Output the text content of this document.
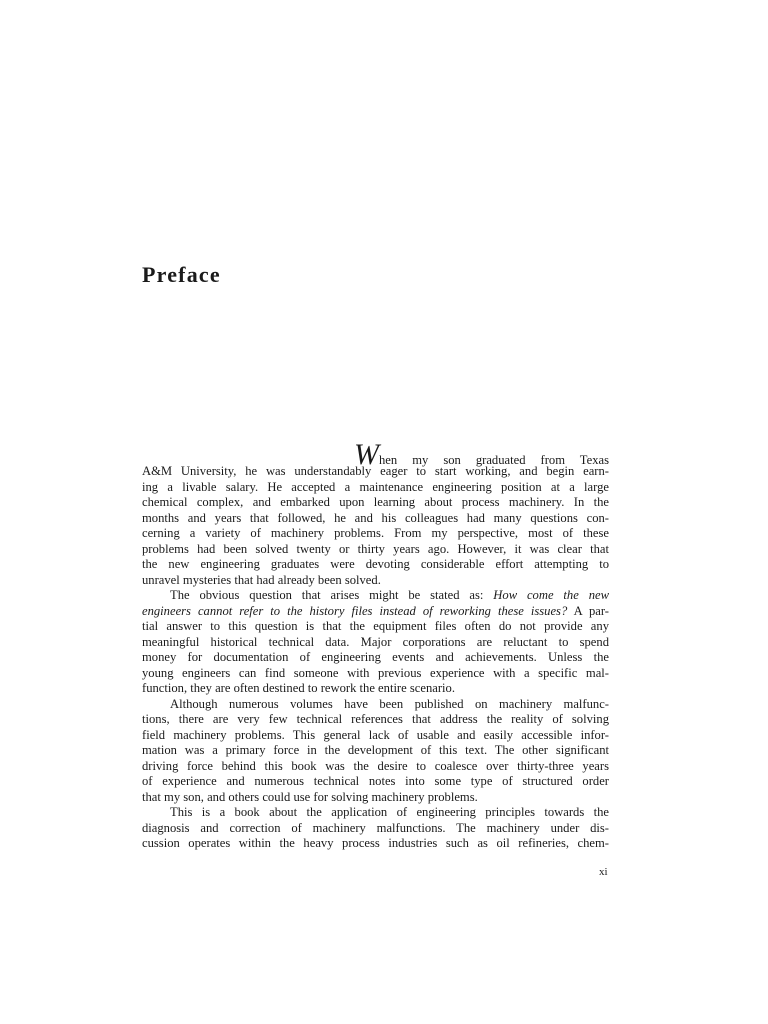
Preface
When my son graduated from Texas
A&M University, he was understandably eager to start working, and begin earn-
ing a livable salary. He accepted a maintenance engineering position at a large
chemical complex, and embarked upon learning about process machinery. In the
months and years that followed, he and his colleagues had many questions con-
cerning a variety of machinery problems. From my perspective, most of these
problems had been solved twenty or thirty years ago. However, it was clear that
the new engineering graduates were devoting considerable effort attempting to
unravel mysteries that had already been solved.
The obvious question that arises might be stated as: How come the new
engineers cannot refer to the history files instead of reworking these issues? A par-
tial answer to this question is that the equipment files often do not provide any
meaningful historical technical data. Major corporations are reluctant to spend
money for documentation of engineering events and achievements. Unless the
young engineers can find someone with previous experience with a specific mal-
function, they are often destined to rework the entire scenario.
Although numerous volumes have been published on machinery malfunc-
tions, there are very few technical references that address the reality of solving
field machinery problems. This general lack of usable and easily accessible infor-
mation was a primary force in the development of this text. The other significant
driving force behind this book was the desire to coalesce over thirty-three years
of experience and numerous technical notes into some type of structured order
that my son, and others could use for solving machinery problems.
This is a book about the application of engineering principles towards the
diagnosis and correction of machinery malfunctions. The machinery under dis-
cussion operates within the heavy process industries such as oil refineries, chem-
xi
